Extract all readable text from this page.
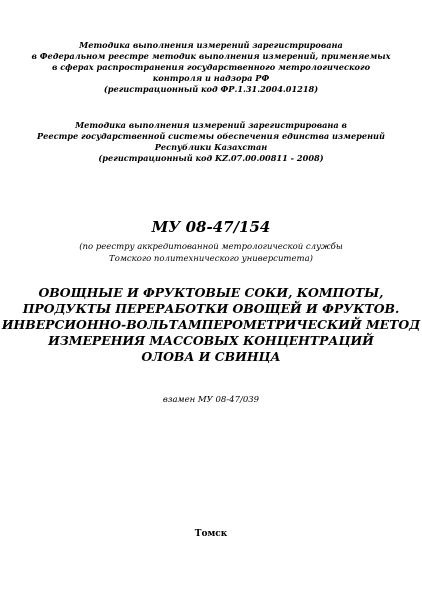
Методика выполнения измерений зарегистрирована
в Федеральном реестре методик выполнения измерений, применяемых
в сферах распространения государственного метрологического
контроля и надзора РФ
(регистрационный код ФР.1.31.2004.01218)
Методика выполнения измерений зарегистрирована в
Реестре государственной системы обеспечения единства измерений
Республики Казахстан
(регистрационный код KZ.07.00.00811 - 2008)
МУ 08-47/154
(по реестру аккредитованной метрологической службы
Томского политехнического университета)
ОВОЩНЫЕ И ФРУКТОВЫЕ СОКИ, КОМПОТЫ,
ПРОДУКТЫ ПЕРЕРАБОТКИ ОВОЩЕЙ И ФРУКТОВ.
ИНВЕРСИОННО-ВОЛЬТАМПЕРОМЕТРИЧЕСКИЙ МЕТОД
ИЗМЕРЕНИЯ МАССОВЫХ КОНЦЕНТРАЦИЙ
ОЛОВА И СВИНЦА
взамен МУ 08-47/039
Томск
